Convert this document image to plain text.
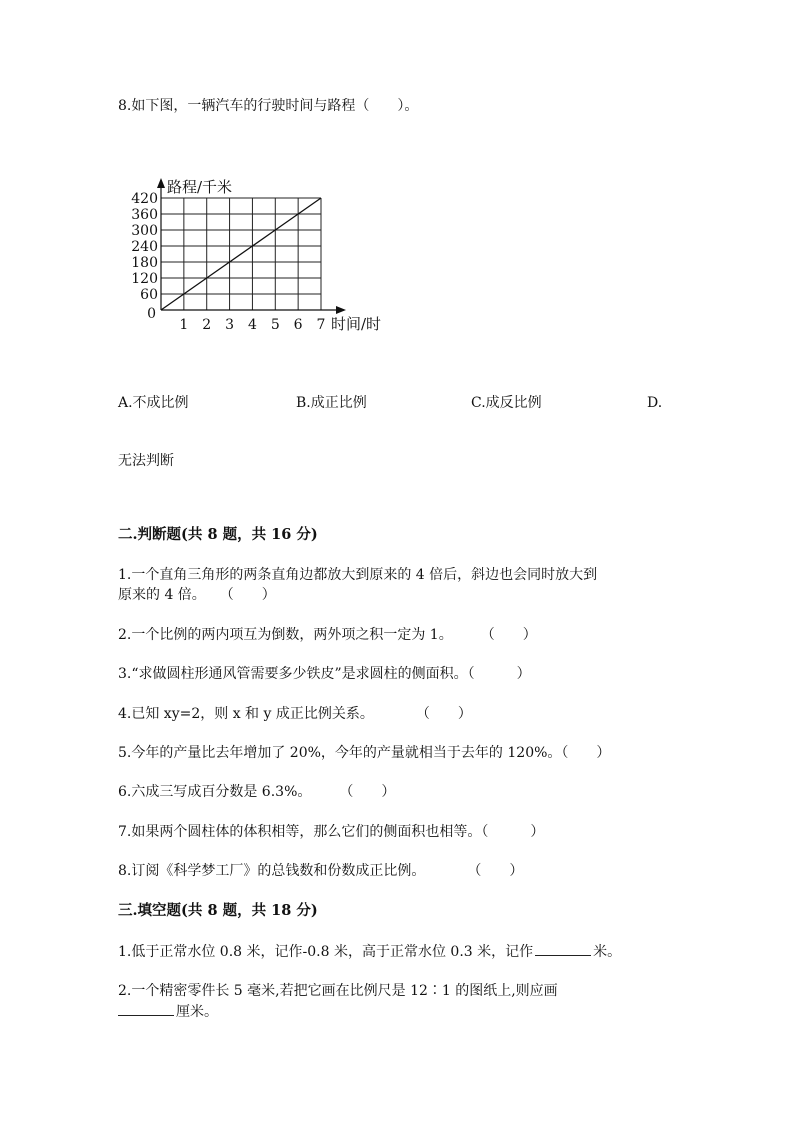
8.如下图，一辆汽车的行驶时间与路程（　　）。
60
120
180
240
300
360
420
1 2 3 4 5 6 7
0
路程/千米
时间/时
A.不成比例	B.成正比例	C.成反比例	D.
无法判断
二.判断题(共 8 题，共 16 分)
1.一个直角三角形的两条直角边都放大到原来的 4 倍后，斜边也会同时放大到
原来的 4 倍。　　（　　）
2.一个比例的两内项互为倒数，两外项之积一定为 1。　　　（　　）
3.“求做圆柱形通风管需要多少铁皮”是求圆柱的侧面积。（　　　）
4.已知 xy=2，则 x 和 y 成正比例关系。　　　　（　　）
5.今年的产量比去年增加了 20%，今年的产量就相当于去年的 120%。（　　）
6.六成三写成百分数是 6.3%。　　　（　　）
7.如果两个圆柱体的体积相等，那么它们的侧面积也相等。（　　　）
8.订阅《科学梦工厂》的总钱数和份数成正比例。　　　　（　　）
三.填空题(共 8 题，共 18 分)
1.低于正常水位 0.8 米，记作-0.8 米，高于正常水位 0.3 米，记作	米。
2.一个精密零件长 5 毫米,若把它画在比例尺是 12∶1 的图纸上,则应画
厘米。
